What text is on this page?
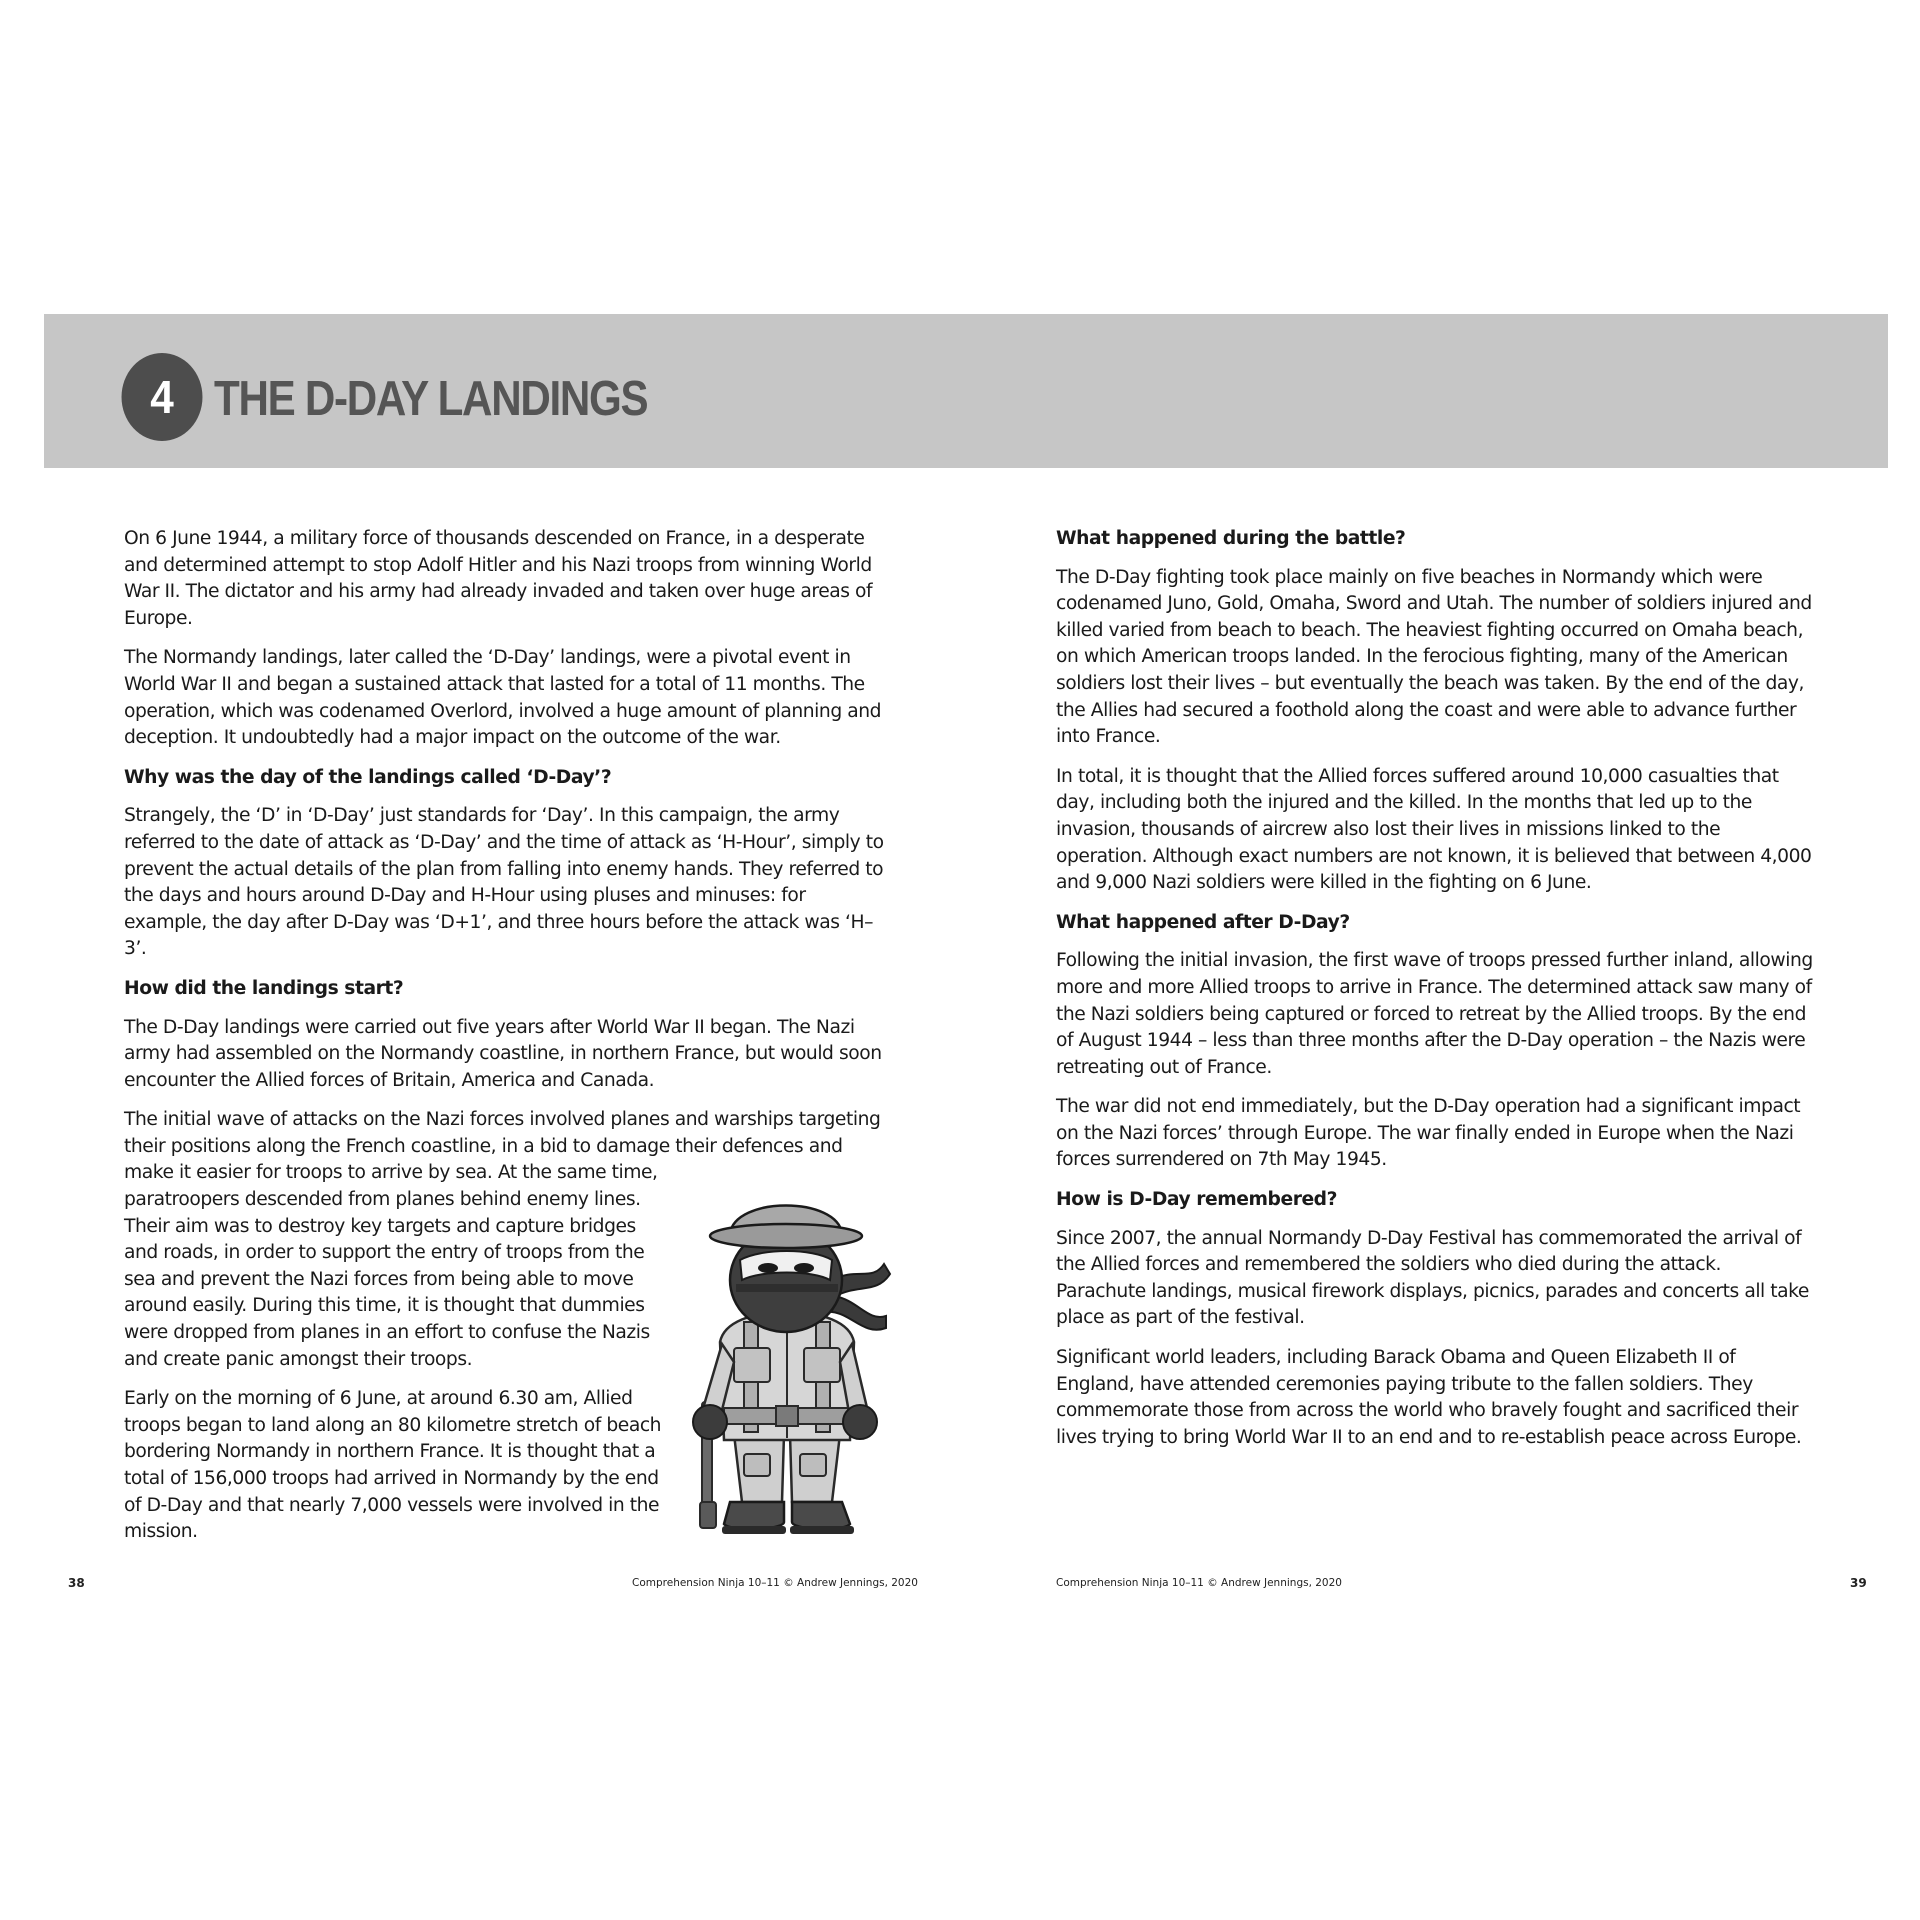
4 THE D-DAY LANDINGS

On 6 June 1944, a military force of thousands descended on France, in a desperate and determined attempt to stop Adolf Hitler and his Nazi troops from winning World War II. The dictator and his army had already invaded and taken over huge areas of Europe.

The Normandy landings, later called the ‘D-Day’ landings, were a pivotal event in World War II and began a sustained attack that lasted for a total of 11 months. The operation, which was codenamed Overlord, involved a huge amount of planning and deception. It undoubtedly had a major impact on the outcome of the war.

Why was the day of the landings called ‘D-Day’?

Strangely, the ‘D’ in ‘D-Day’ just standards for ‘Day’. In this campaign, the army referred to the date of attack as ‘D-Day’ and the time of attack as ‘H-Hour’, simply to prevent the actual details of the plan from falling into enemy hands. They referred to the days and hours around D-Day and H-Hour using pluses and minuses: for example, the day after D-Day was ‘D+1’, and three hours before the attack was ‘H–3’.

How did the landings start?

The D-Day landings were carried out five years after World War II began. The Nazi army had assembled on the Normandy coastline, in northern France, but would soon encounter the Allied forces of Britain, America and Canada.

The initial wave of attacks on the Nazi forces involved planes and warships targeting their positions along the French coastline, in a bid to damage their defences and make it easier for troops to arrive by sea. At the same time,
paratroopers descended from planes behind enemy lines. Their aim was to destroy key targets and capture bridges and roads, in order to support the entry of troops from the sea and prevent the Nazi forces from being able to move around easily. During this time, it is thought that dummies were dropped from planes in an effort to confuse the Nazis and create panic amongst their troops.

Early on the morning of 6 June, at around 6.30 am, Allied troops began to land along an 80 kilometre stretch of beach bordering Normandy in northern France. It is thought that a total of 156,000 troops had arrived in Normandy by the end of D-Day and that nearly 7,000 vessels were involved in the mission.

What happened during the battle?

The D-Day fighting took place mainly on five beaches in Normandy which were codenamed Juno, Gold, Omaha, Sword and Utah. The number of soldiers injured and killed varied from beach to beach. The heaviest fighting occurred on Omaha beach, on which American troops landed. In the ferocious fighting, many of the American soldiers lost their lives – but eventually the beach was taken. By the end of the day, the Allies had secured a foothold along the coast and were able to advance further into France.

In total, it is thought that the Allied forces suffered around 10,000 casualties that day, including both the injured and the killed. In the months that led up to the invasion, thousands of aircrew also lost their lives in missions linked to the operation. Although exact numbers are not known, it is believed that between 4,000 and 9,000 Nazi soldiers were killed in the fighting on 6 June.

What happened after D-Day?

Following the initial invasion, the first wave of troops pressed further inland, allowing more and more Allied troops to arrive in France. The determined attack saw many of the Nazi soldiers being captured or forced to retreat by the Allied troops. By the end of August 1944 – less than three months after the D-Day operation – the Nazis were retreating out of France.

The war did not end immediately, but the D-Day operation had a significant impact on the Nazi forces’ through Europe. The war finally ended in Europe when the Nazi forces surrendered on 7th May 1945.

How is D-Day remembered?

Since 2007, the annual Normandy D-Day Festival has commemorated the arrival of the Allied forces and remembered the soldiers who died during the attack. Parachute landings, musical firework displays, picnics, parades and concerts all take place as part of the festival.

Significant world leaders, including Barack Obama and Queen Elizabeth II of England, have attended ceremonies paying tribute to the fallen soldiers. They commemorate those from across the world who bravely fought and sacrificed their lives trying to bring World War II to an end and to re-establish peace across Europe.

38	Comprehension Ninja 10–11 © Andrew Jennings, 2020	Comprehension Ninja 10–11 © Andrew Jennings, 2020	39
